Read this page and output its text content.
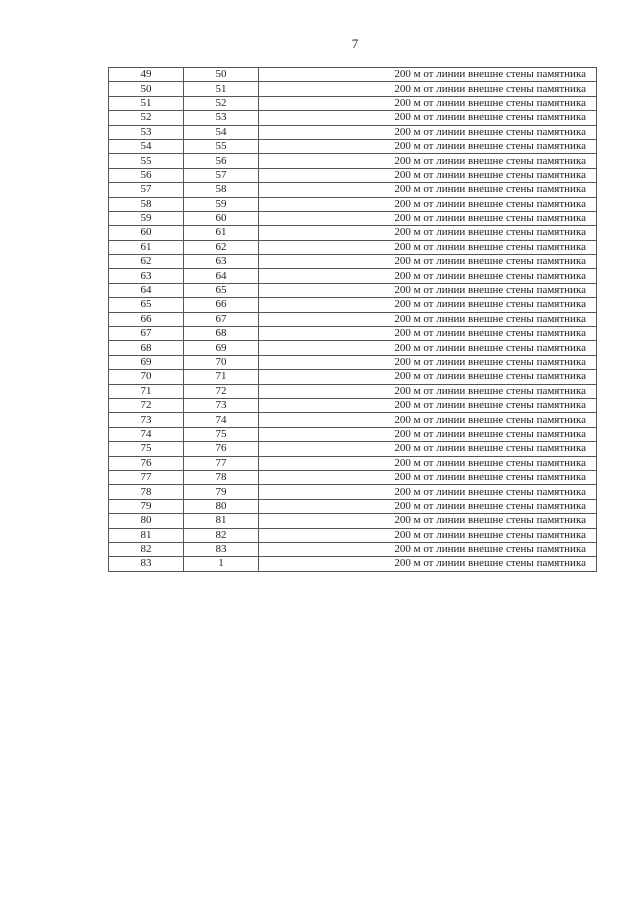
7
49	50	200 м от линии внешне стены памятника
50	51	200 м от линии внешне стены памятника
51	52	200 м от линии внешне стены памятника
52	53	200 м от линии внешне стены памятника
53	54	200 м от линии внешне стены памятника
54	55	200 м от линии внешне стены памятника
55	56	200 м от линии внешне стены памятника
56	57	200 м от линии внешне стены памятника
57	58	200 м от линии внешне стены памятника
58	59	200 м от линии внешне стены памятника
59	60	200 м от линии внешне стены памятника
60	61	200 м от линии внешне стены памятника
61	62	200 м от линии внешне стены памятника
62	63	200 м от линии внешне стены памятника
63	64	200 м от линии внешне стены памятника
64	65	200 м от линии внешне стены памятника
65	66	200 м от линии внешне стены памятника
66	67	200 м от линии внешне стены памятника
67	68	200 м от линии внешне стены памятника
68	69	200 м от линии внешне стены памятника
69	70	200 м от линии внешне стены памятника
70	71	200 м от линии внешне стены памятника
71	72	200 м от линии внешне стены памятника
72	73	200 м от линии внешне стены памятника
73	74	200 м от линии внешне стены памятника
74	75	200 м от линии внешне стены памятника
75	76	200 м от линии внешне стены памятника
76	77	200 м от линии внешне стены памятника
77	78	200 м от линии внешне стены памятника
78	79	200 м от линии внешне стены памятника
79	80	200 м от линии внешне стены памятника
80	81	200 м от линии внешне стены памятника
81	82	200 м от линии внешне стены памятника
82	83	200 м от линии внешне стены памятника
83	1	200 м от линии внешне стены памятника
